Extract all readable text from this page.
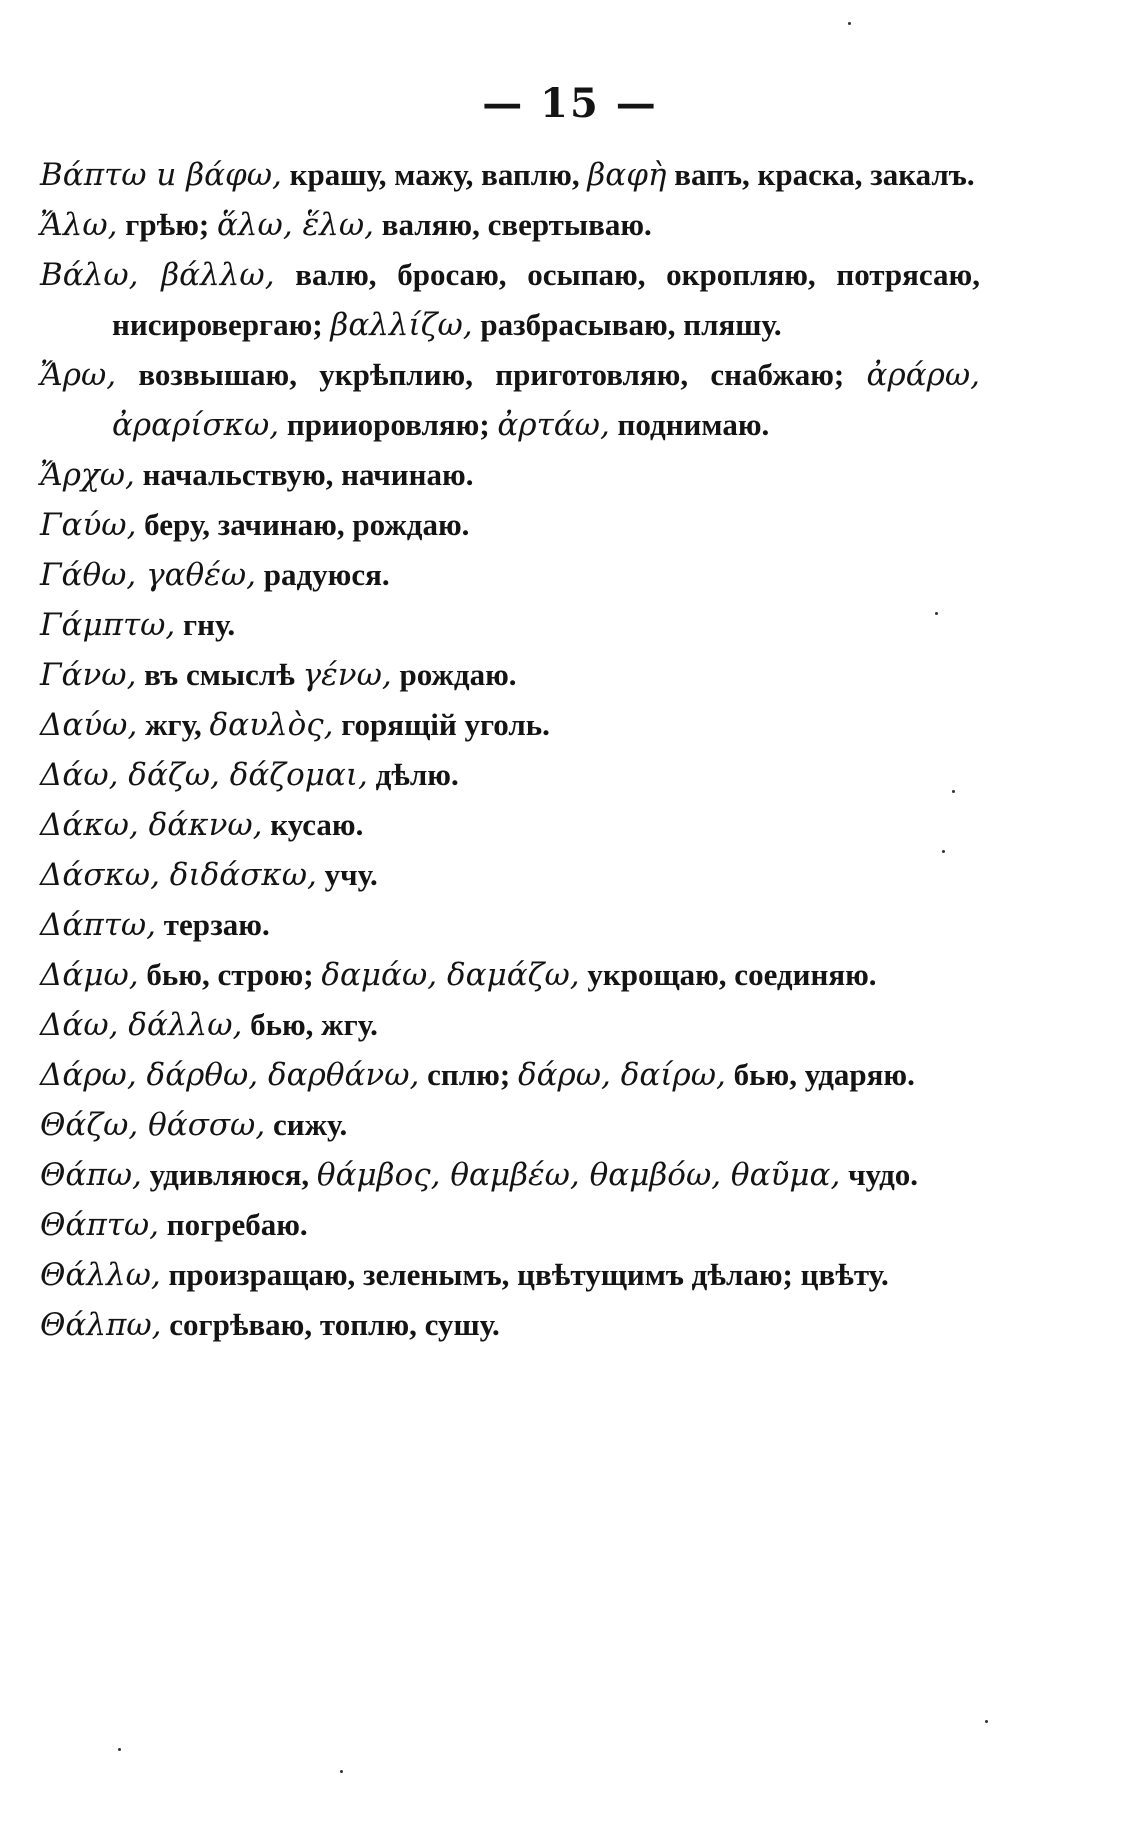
— 15 —
Βάπτω и βάφω, крашу, мажу, ваплю, βαφὴ вапъ, краска, закалъ.
Ἄλω, грѣю; ἅλω, ἕλω, валяю, свертываю.
Βάλω, βάλλω, валю, бросаю, осыпаю, окропляю, потрясаю, нисировергаю; βαλλίζω, разбрасываю, пляшу.
Ἄρω, возвышаю, укрѣплию, приготовляю, снабжаю; ἀράρω, ἀραρίσκω, прииоровляю; ἀρτάω, поднимаю.
Ἄρχω, начальствую, начинаю.
Γαύω, беру, зачинаю, рождаю.
Γάθω, γαθέω, радуюся.
Γάμπτω, гну.
Γάνω, въ смыслѣ γένω, рождаю.
Δαύω, жгу, δαυλὸς, горящій уголь.
Δάω, δάζω, δάζομαι, дѣлю.
Δάκω, δάκνω, кусаю.
Δάσκω, διδάσκω, учу.
Δάπτω, терзаю.
Δάμω, бью, строю; δαμάω, δαμάζω, укрощаю, соединяю.
Δάω, δάλλω, бью, жгу.
Δάρω, δάρθω, δαρθάνω, сплю; δάρω, δαίρω, бью, ударяю.
Θάζω, θάσσω, сижу.
Θάπω, удивляюся, θάμβος, θαμβέω, θαμβόω, θαῦμα, чудо.
Θάπτω, погребаю.
Θάλλω, произращаю, зеленымъ, цвѣтущимъ дѣлаю; цвѣту.
Θάλπω, согрѣваю, топлю, сушу.
